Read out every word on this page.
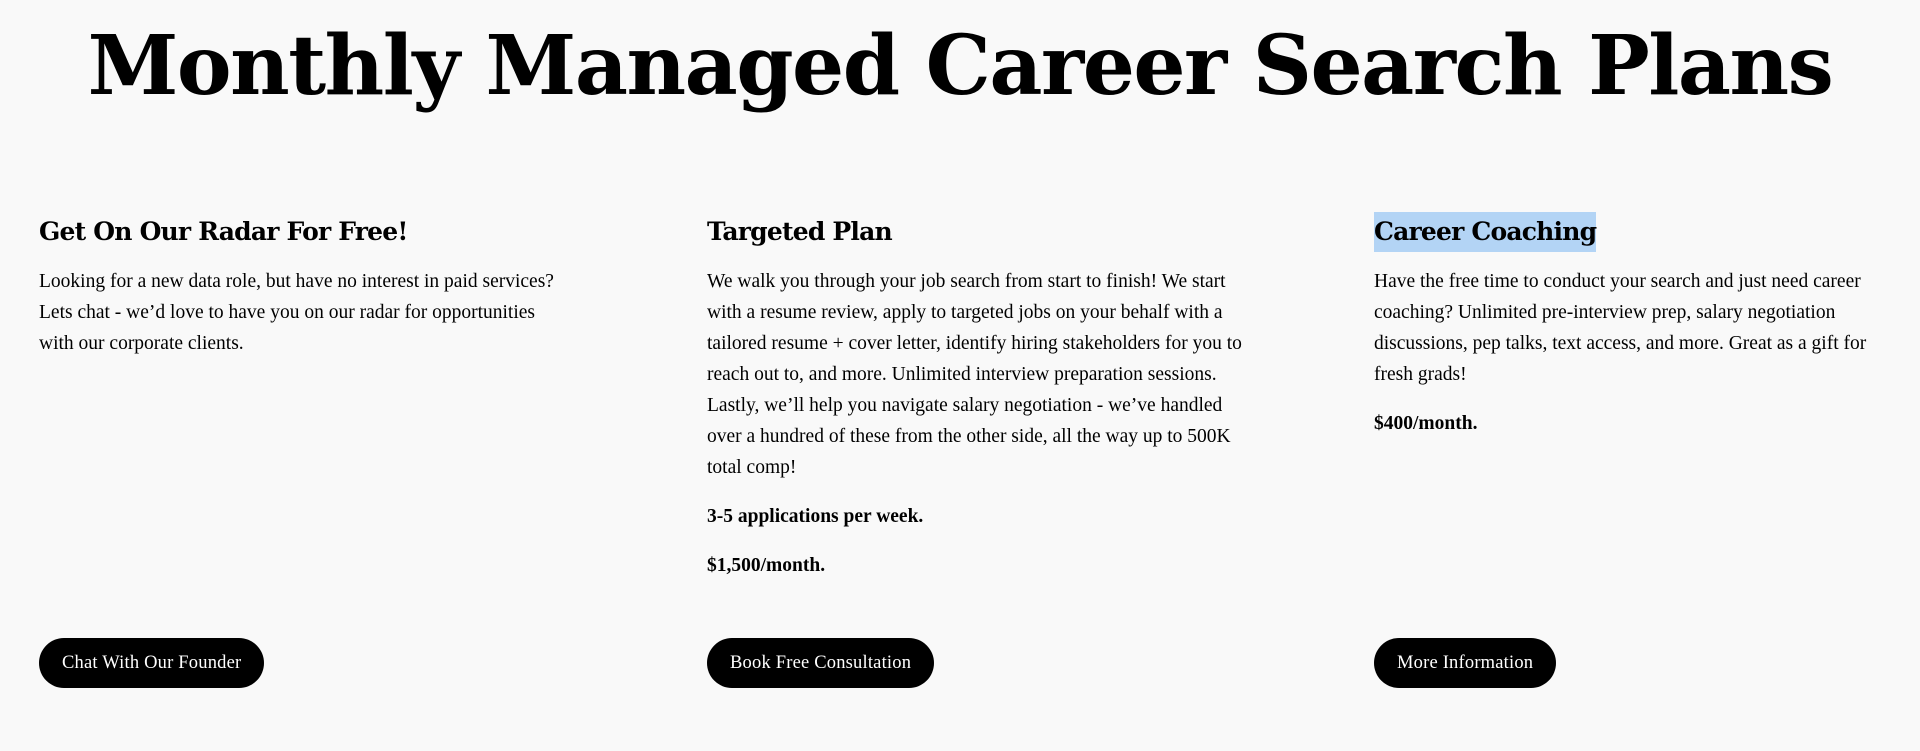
Monthly Managed Career Search Plans
Get On Our Radar For Free!

Looking for a new data role, but have no interest in paid services? Lets chat - we’d love to have you on our radar for opportunities with our corporate clients.

Targeted Plan

We walk you through your job search from start to finish! We start with a resume review, apply to targeted jobs on your behalf with a tailored resume + cover letter, identify hiring stakeholders for you to reach out to, and more. Unlimited interview preparation sessions. Lastly, we’ll help you navigate salary negotiation - we’ve handled over a hundred of these from the other side, all the way up to 500K total comp!

3-5 applications per week.

$1,500/month.

Career Coaching

Have the free time to conduct your search and just need career coaching? Unlimited pre-interview prep, salary negotiation discussions, pep talks, text access, and more. Great as a gift for fresh grads!

$400/month.

Chat With Our Founder	Book Free Consultation	More Information
